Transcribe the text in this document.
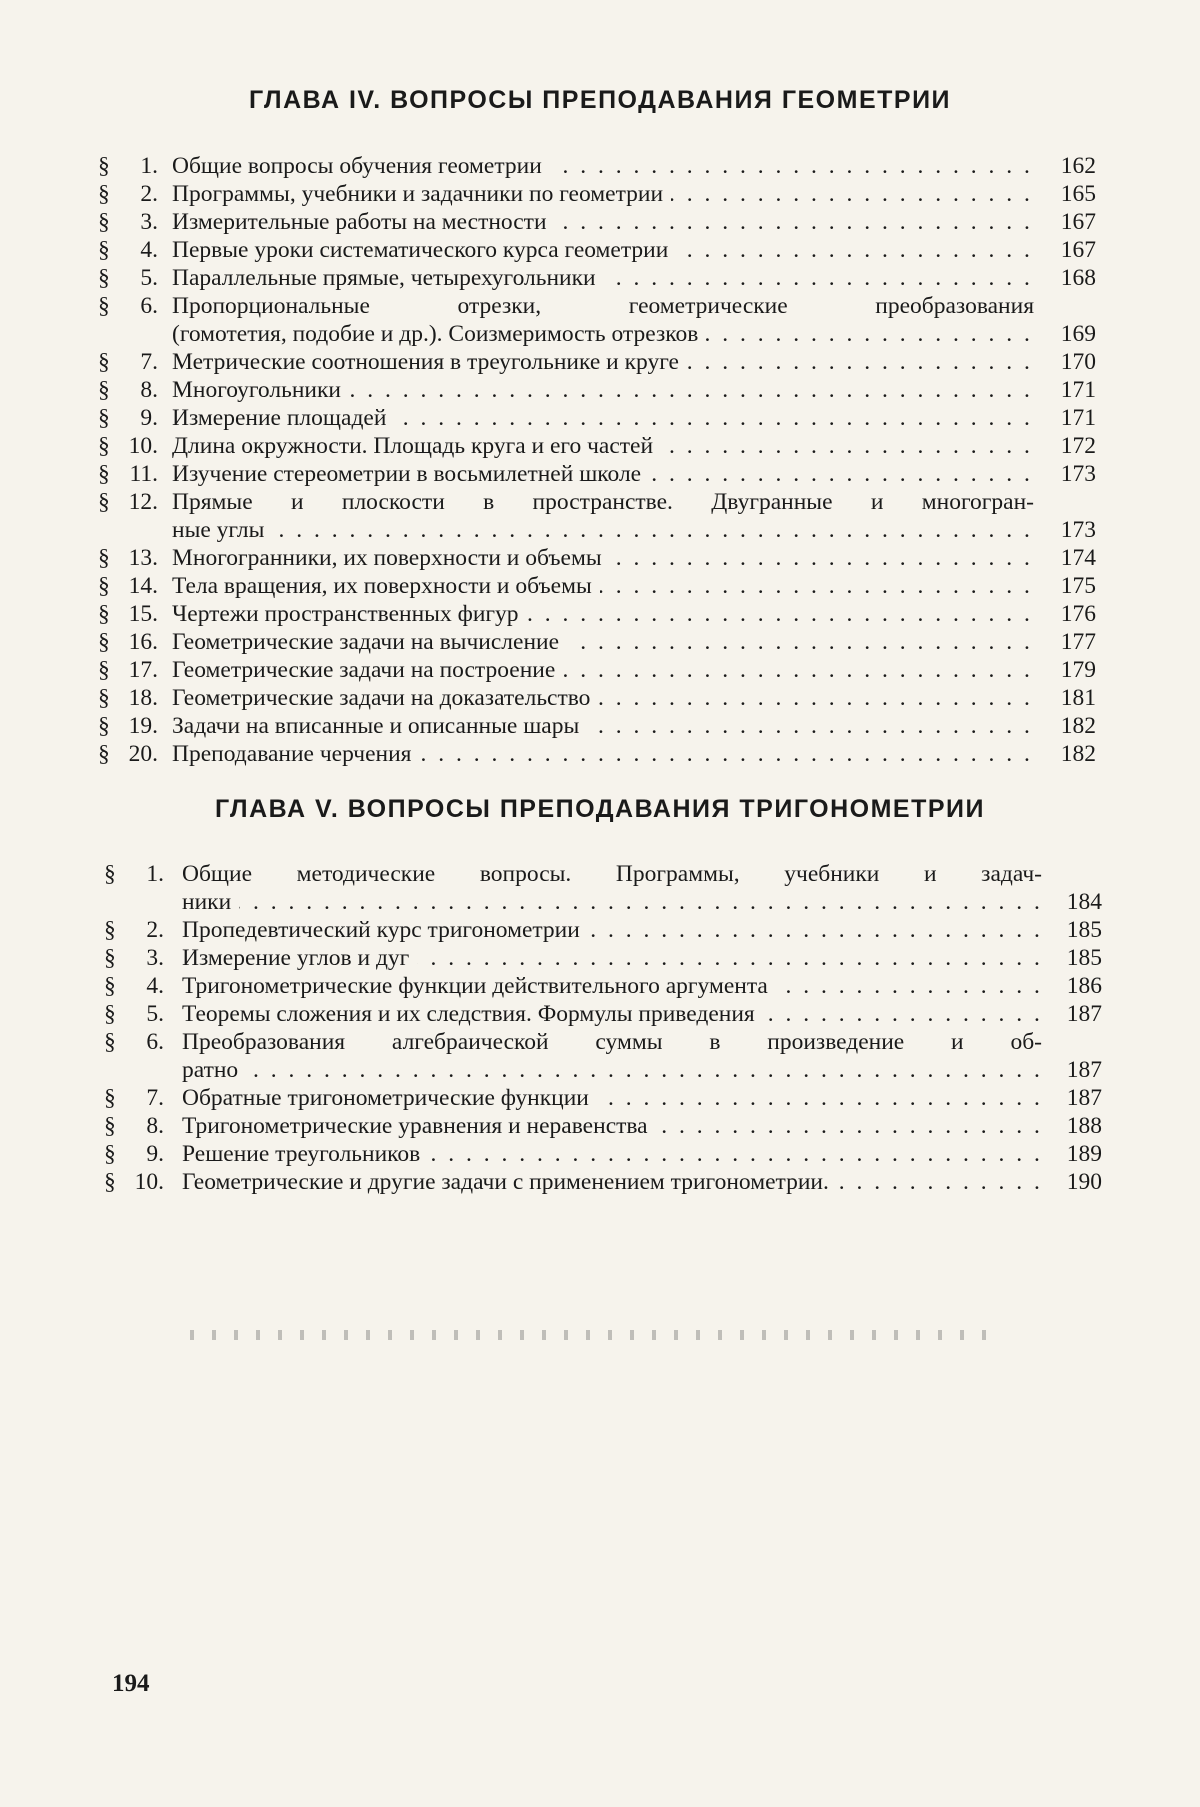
ГЛАВА IV. ВОПРОСЫ ПРЕПОДАВАНИЯ ГЕОМЕТРИИ
§	1. Общие вопросы обучения геометрии . . .	162
§	2. Программы, учебники и задачники по геометрии . . .	165
§	3. Измерительные работы на местности . . .	167
§	4. Первые уроки систематического курса геометрии . . .	167
§	5. Параллельные прямые, четырехугольники . . .	168
§	6. Пропорциональные отрезки, геометрические преобразования
(гомотетия, подобие и др.). Соизмеримость отрезков . . .	169
§	7. Метрические соотношения в треугольнике и круге . . .	170
§	8. Многоугольники . . .	171
§	9. Измерение площадей . . .	171
§ 10. Длина окружности. Площадь круга и его частей . . .	172
§ 11. Изучение стереометрии в восьмилетней школе . . .	173
§ 12. Прямые и плоскости в пространстве. Двугранные и многогран-
ные углы . . .	173
§ 13. Многогранники, их поверхности и объемы . . .	174
§ 14. Тела вращения, их поверхности и объемы . . .	175
§ 15. Чертежи пространственных фигур . . .	176
§ 16. Геометрические задачи на вычисление . . .	177
§ 17. Геометрические задачи на построение . . .	179
§ 18. Геометрические задачи на доказательство . . .	181
§ 19. Задачи на вписанные и описанные шары . . .	182
§ 20. Преподавание черчения . . .	182
ГЛАВА V. ВОПРОСЫ ПРЕПОДАВАНИЯ ТРИГОНОМЕТРИИ
§	1. Общие методические вопросы. Программы, учебники и задач-
ники . . .	184
§	2. Пропедевтический курс тригонометрии . . .	185
§	3. Измерение углов и дуг . . .	185
§	4. Тригонометрические функции действительного аргумента . . .	186
§	5. Теоремы сложения и их следствия. Формулы приведения . . .	187
§	6. Преобразования алгебраической суммы в произведение и об-
ратно . . .	187
§	7. Обратные тригонометрические функции . . .	187
§	8. Тригонометрические уравнения и неравенства . . .	188
§	9. Решение треугольников . . .	189
§ 10. Геометрические и другие задачи с применением тригонометрии. . . .	190
194
